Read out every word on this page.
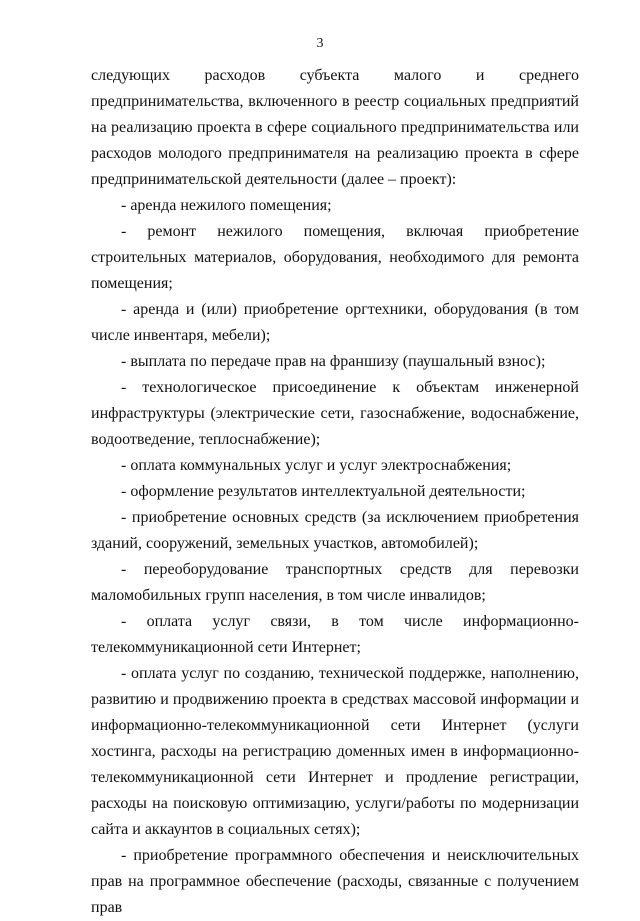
3

следующих расходов субъекта малого и среднего предпринимательства, включенного в реестр социальных предприятий на реализацию проекта в сфере социального предпринимательства или расходов молодого предпринимателя на реализацию проекта в сфере предпринимательской деятельности (далее – проект):

- аренда нежилого помещения;

- ремонт нежилого помещения, включая приобретение строительных материалов, оборудования, необходимого для ремонта помещения;

- аренда и (или) приобретение оргтехники, оборудования (в том числе инвентаря, мебели);

- выплата по передаче прав на франшизу (паушальный взнос);

- технологическое присоединение к объектам инженерной инфраструктуры (электрические сети, газоснабжение, водоснабжение, водоотведение, теплоснабжение);

- оплата коммунальных услуг и услуг электроснабжения;

- оформление результатов интеллектуальной деятельности;

- приобретение основных средств (за исключением приобретения зданий, сооружений, земельных участков, автомобилей);

- переоборудование транспортных средств для перевозки маломобильных групп населения, в том числе инвалидов;

- оплата услуг связи, в том числе информационно-телекоммуникационной сети Интернет;

- оплата услуг по созданию, технической поддержке, наполнению, развитию и продвижению проекта в средствах массовой информации и информационно-телекоммуникационной сети Интернет (услуги хостинга, расходы на регистрацию доменных имен в информационно-телекоммуникационной сети Интернет и продление регистрации, расходы на поисковую оптимизацию, услуги/работы по модернизации сайта и аккаунтов в социальных сетях);

- приобретение программного обеспечения и неисключительных прав на программное обеспечение (расходы, связанные с получением прав
